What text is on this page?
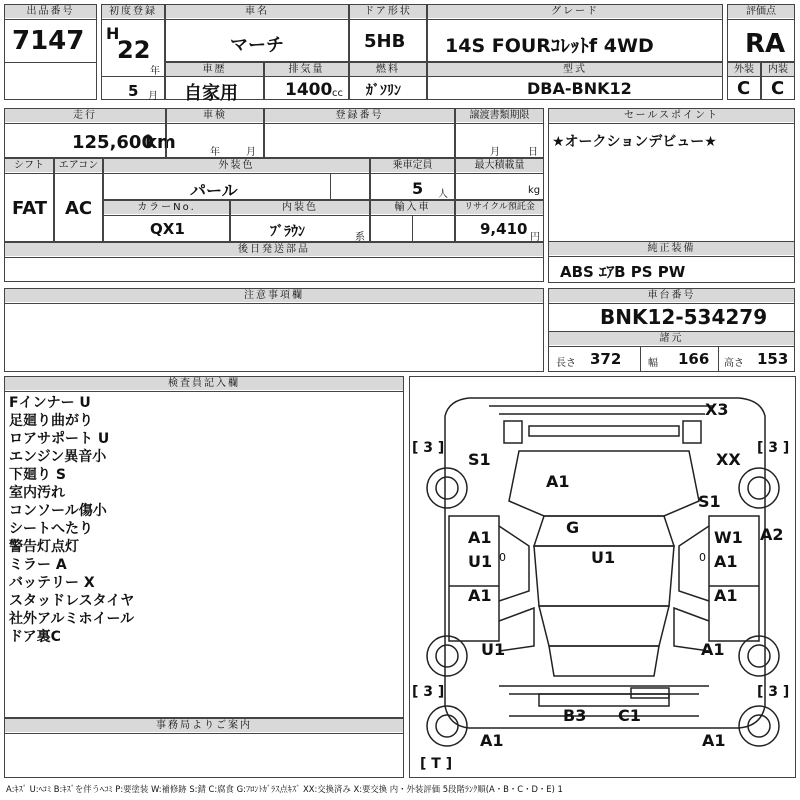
出品番号
7147
初度登録
H
22
年
5 月
車名
マーチ
ドア形状
5HB
グレード
14S FOURｺﾚｯﾄf 4WD
評価点
RA
車歴
自家用
排気量
1400 cc
燃料
ｶﾞｿﾘﾝ
型式
DBA-BNK12
外装
C
内装
C
走行
125,600
km
車検
年	月
登録番号	譲渡書類期限
月	日
セールスポイント
★オークションデビュー★
シフト
FAT
エアコン
AC
外装色
パール
乗車定員
5 人
最大積載量
kg
カラーNo.
QX1
内装色
ﾌﾞﾗｳﾝ	系
輸入車	リサイクル預託金
9,410 円
後日発送部品	純正装備
ABS ｴｱB PS PW
注意事項欄	車台番号
BNK12-534279
諸元
長さ 372	幅 166 高さ 153
検査員記入欄
Fインナー U
足廻り曲がり
ロアサポート U
エンジン異音小
下廻り S
室内汚れ
コンソール傷小
シートへたり
警告灯点灯
ミラー A
バッテリー X
スタッドレスタイヤ
社外アルミホイール
ドア裏C
事務局よりご案内
X3
[ 3 ]	[ 3 ]
S1	XX
A1
S1
G
A1	W1 A2
U1
U1 0	0 A1
A1	A1
U1	A1
[ 3 ]	[ 3 ]
B3 C1
A1	A1
[ T ]
A:ｷｽﾞ U:ﾍｺﾐ B:ｷｽﾞを伴うﾍｺﾐ P:要塗装 W:補修跡 S:錆 C:腐食 G:ﾌﾛﾝﾄｶﾞﾗｽ点ｷｽﾞ XX:交換済み X:要交換 内・外装評価 5段階ﾗﾝｸ順(A・B・C・D・E) 1
